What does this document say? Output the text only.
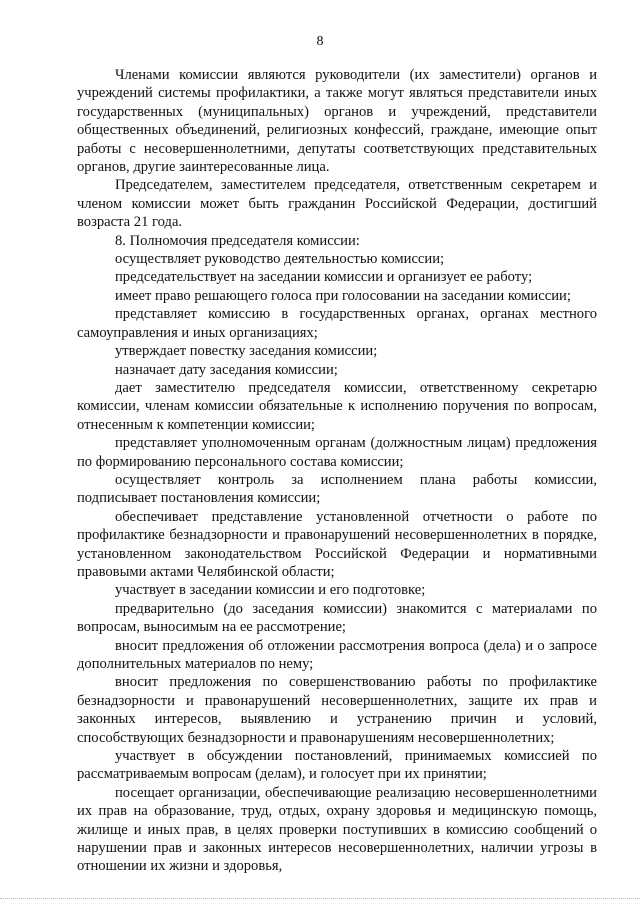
8

Членами комиссии являются руководители (их заместители) органов и учреждений системы профилактики, а также могут являться представители иных государственных (муниципальных) органов и учреждений, представители общественных объединений, религиозных конфессий, граждане, имеющие опыт работы с несовершеннолетними, депутаты соответствующих представительных органов, другие заинтересованные лица.

Председателем, заместителем председателя, ответственным секретарем и членом комиссии может быть гражданин Российской Федерации, достигший возраста 21 года.

8. Полномочия председателя комиссии:

осуществляет руководство деятельностью комиссии;

председательствует на заседании комиссии и организует ее работу;

имеет право решающего голоса при голосовании на заседании комиссии;

представляет комиссию в государственных органах, органах местного самоуправления и иных организациях;

утверждает повестку заседания комиссии;

назначает дату заседания комиссии;

дает заместителю председателя комиссии, ответственному секретарю комиссии, членам комиссии обязательные к исполнению поручения по вопросам, отнесенным к компетенции комиссии;

представляет уполномоченным органам (должностным лицам) предложения по формированию персонального состава комиссии;

осуществляет контроль за исполнением плана работы комиссии, подписывает постановления комиссии;

обеспечивает представление установленной отчетности о работе по профилактике безнадзорности и правонарушений несовершеннолетних в порядке, установленном законодательством Российской Федерации и нормативными правовыми актами Челябинской области;

участвует в заседании комиссии и его подготовке;

предварительно (до заседания комиссии) знакомится с материалами по вопросам, выносимым на ее рассмотрение;

вносит предложения об отложении рассмотрения вопроса (дела) и о запросе дополнительных материалов по нему;

вносит предложения по совершенствованию работы по профилактике безнадзорности и правонарушений несовершеннолетних, защите их прав и законных интересов, выявлению и устранению причин и условий, способствующих безнадзорности и правонарушениям несовершеннолетних;

участвует в обсуждении постановлений, принимаемых комиссией по рассматриваемым вопросам (делам), и голосует при их принятии;

посещает организации, обеспечивающие реализацию несовершеннолетними их прав на образование, труд, отдых, охрану здоровья и медицинскую помощь, жилище и иных прав, в целях проверки поступивших в комиссию сообщений о нарушении прав и законных интересов несовершеннолетних, наличии угрозы в отношении их жизни и здоровья,
